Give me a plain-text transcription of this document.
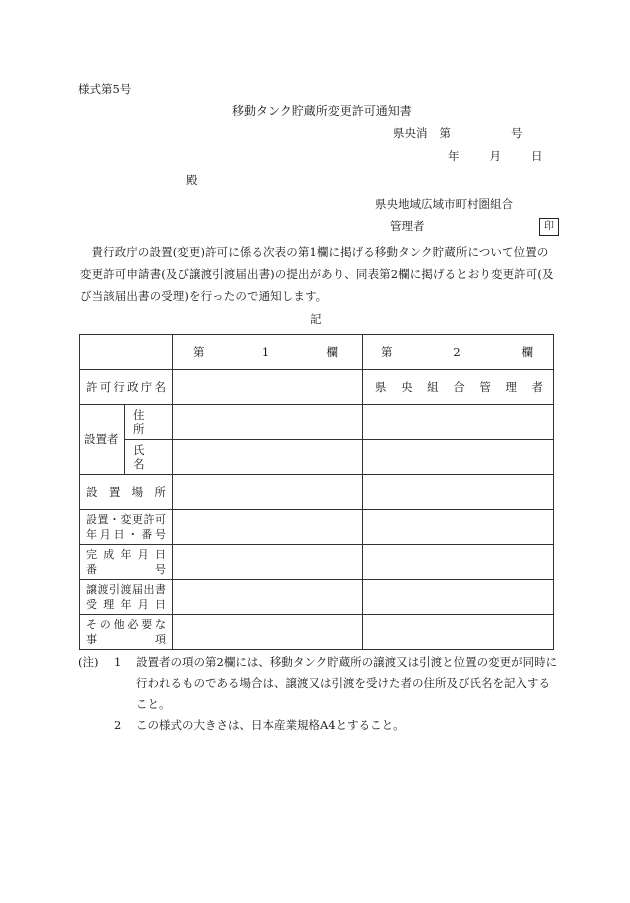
様式第5号
移動タンク貯蔵所変更許可通知書
県央消 第	号
年	月	日
殿
県央地域広域市町村圏組合
管理者	印
貴行政庁の設置(変更)許可に係る次表の第1欄に掲げる移動タンク貯蔵所について位置の変更許可申請書(及び譲渡引渡届出書)の提出があり、同表第2欄に掲げるとおり変更許可(及び当該届出書の受理)を行ったので通知します。
記

		第 1 欄	第 2 欄

許可行政庁名			県央組合管理者

設置者	住　所		

	氏　名		

設置場所			

設置・変更許可
年月日・番号			

完成年月日
番　　　　号			

譲渡引渡届出書
受理年月日			

その他必要な
事　　　　項			

(注)	1	設置者の項の第2欄には、移動タンク貯蔵所の譲渡又は引渡と位置の変更が同時に行われるものである場合は、譲渡又は引渡を受けた者の住所及び氏名を記入すること。
2	この様式の大きさは、日本産業規格A4とすること。
